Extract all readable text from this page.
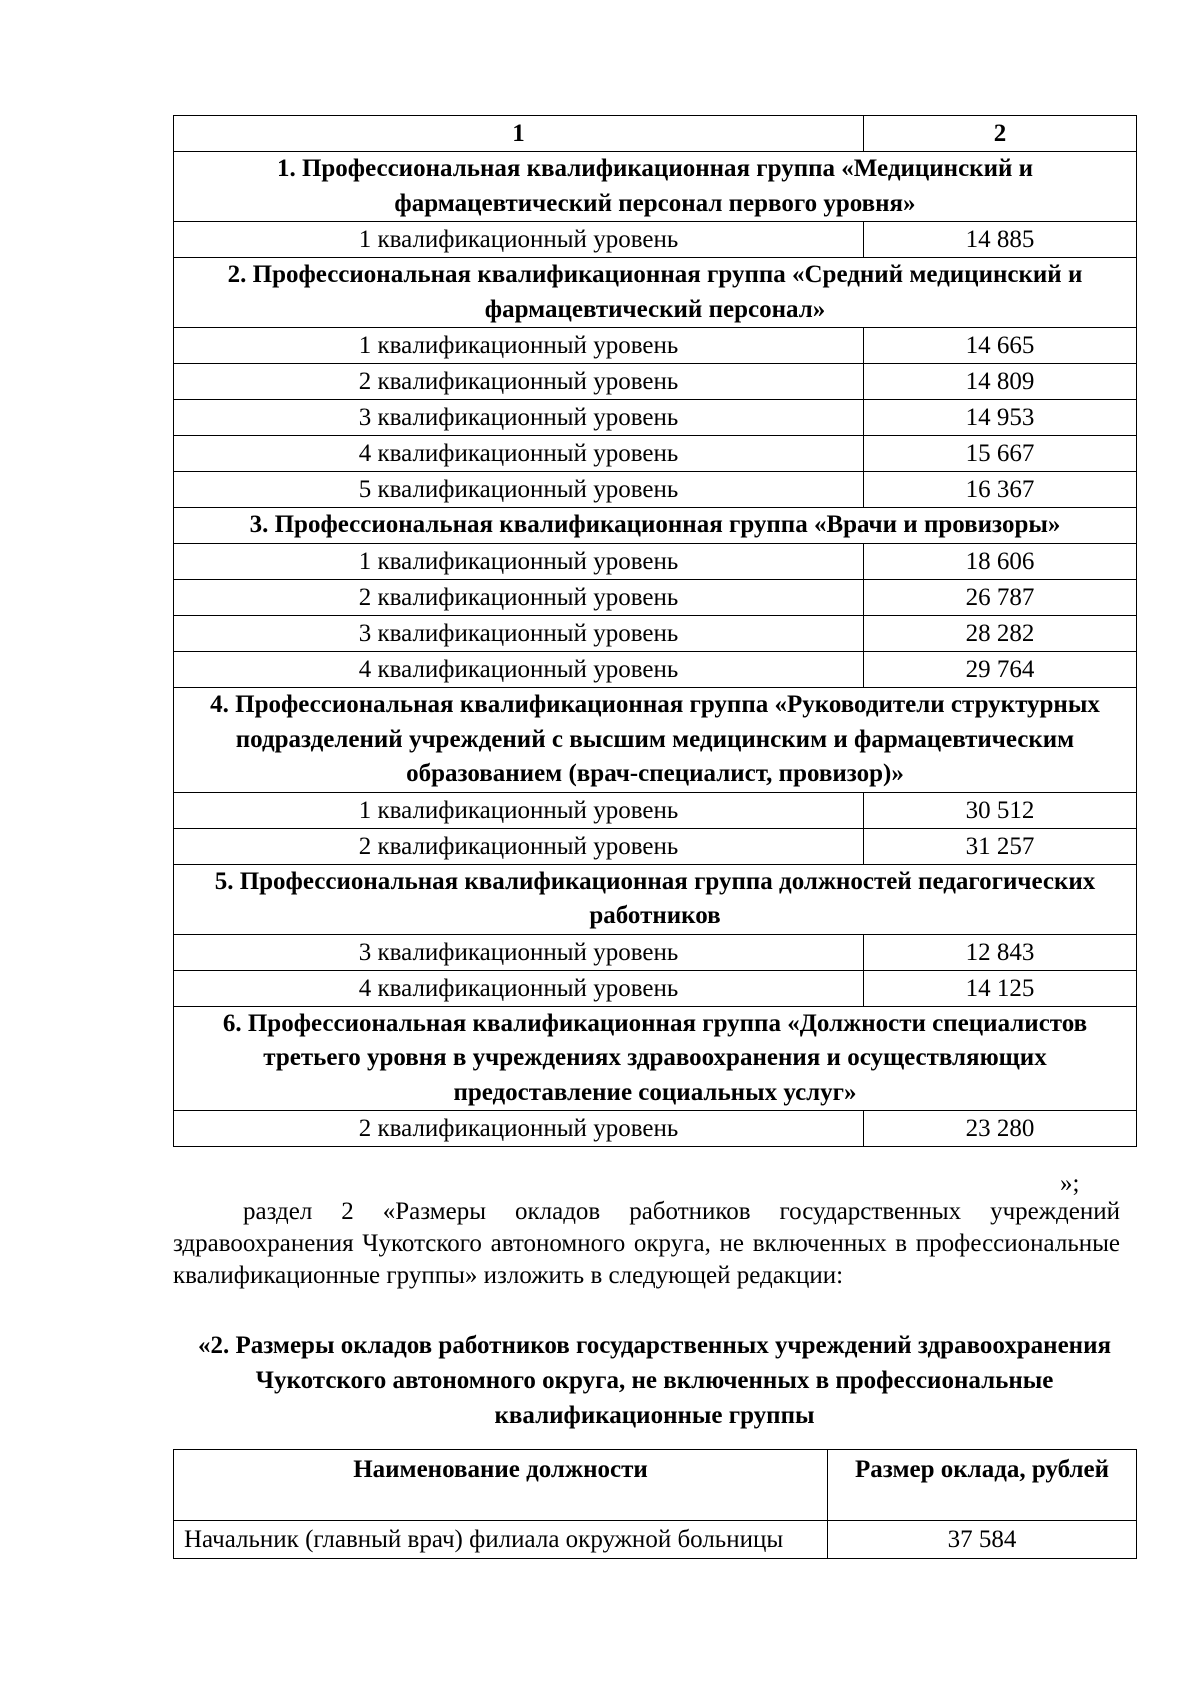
1	2
1. Профессиональная квалификационная группа «Медицинский и фармацевтический персонал первого уровня»	
1 квалификационный уровень	14 885
2. Профессиональная квалификационная группа «Средний медицинский и фармацевтический персонал»	
1 квалификационный уровень	14 665
2 квалификационный уровень	14 809
3 квалификационный уровень	14 953
4 квалификационный уровень	15 667
5 квалификационный уровень	16 367
3. Профессиональная квалификационная группа «Врачи и провизоры»	
1 квалификационный уровень	18 606
2 квалификационный уровень	26 787
3 квалификационный уровень	28 282
4 квалификационный уровень	29 764
4. Профессиональная квалификационная группа «Руководители структурных подразделений учреждений с высшим медицинским и фармацевтическим образованием (врач-специалист, провизор)»	
1 квалификационный уровень	30 512
2 квалификационный уровень	31 257
5. Профессиональная квалификационная группа должностей педагогических работников	
3 квалификационный уровень	12 843
4 квалификационный уровень	14 125
6. Профессиональная квалификационная группа «Должности специалистов третьего уровня в учреждениях здравоохранения и осуществляющих предоставление социальных услуг»	
2 квалификационный уровень	23 280
»;

раздел 2 «Размеры окладов работников государственных учреждений здравоохранения Чукотского автономного округа, не включенных в профессиональные квалификационные группы» изложить в следующей редакции:

«2. Размеры окладов работников государственных учреждений здравоохранения Чукотского автономного округа, не включенных в профессиональные квалификационные группы

Наименование должности	Размер оклада, рублей
Начальник (главный врач) филиала окружной больницы	37 584
